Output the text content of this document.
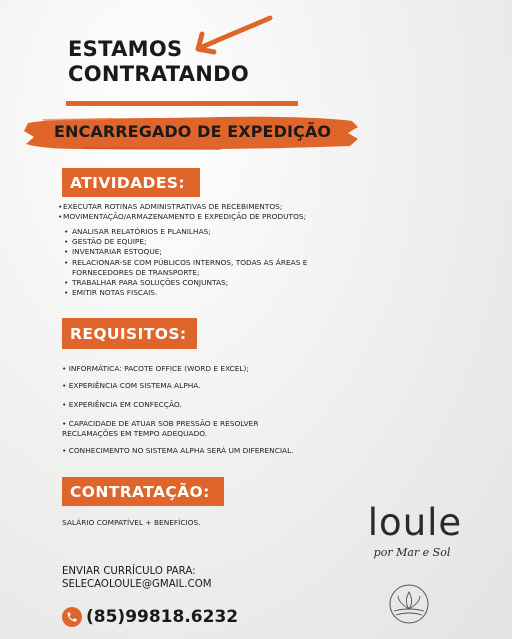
ESTAMOS
CONTRATANDO
ENCARREGADO DE EXPEDIÇÃO
ATIVIDADES:
• EXECUTAR ROTINAS ADMINISTRATIVAS DE RECEBIMENTOS;
• MOVIMENTAÇÃO/ARMAZENAMENTO E EXPEDIÇÃO DE PRODUTOS;
• ANALISAR RELATÓRIOS E PLANILHAS;
• GESTÃO DE EQUIPE;
• INVENTARIAR ESTOQUE;
• RELACIONAR-SE COM PÚBLICOS INTERNOS, TODAS AS ÁREAS E FORNECEDORES DE TRANSPORTE;
• TRABALHAR PARA SOLUÇÕES CONJUNTAS;
• EMITIR NOTAS FISCAIS.
REQUISITOS:
• INFORMÁTICA: PACOTE OFFICE (WORD E EXCEL);
• EXPERIÊNCIA COM SISTEMA ALPHA.
• EXPERIÊNCIA EM CONFECÇÃO.
• CAPACIDADE DE ATUAR SOB PRESSÃO E RESOLVER RECLAMAÇÕES EM TEMPO ADEQUADO.
• CONHECIMENTO NO SISTEMA ALPHA SERÁ UM DIFERENCIAL.
CONTRATAÇÃO:
SALÁRIO COMPATÍVEL + BENEFÍCIOS.
ENVIAR CURRÍCULO PARA:
SELECAOLOULE@GMAIL.COM
(85)99818.6232
loule
por Mar e Sol
